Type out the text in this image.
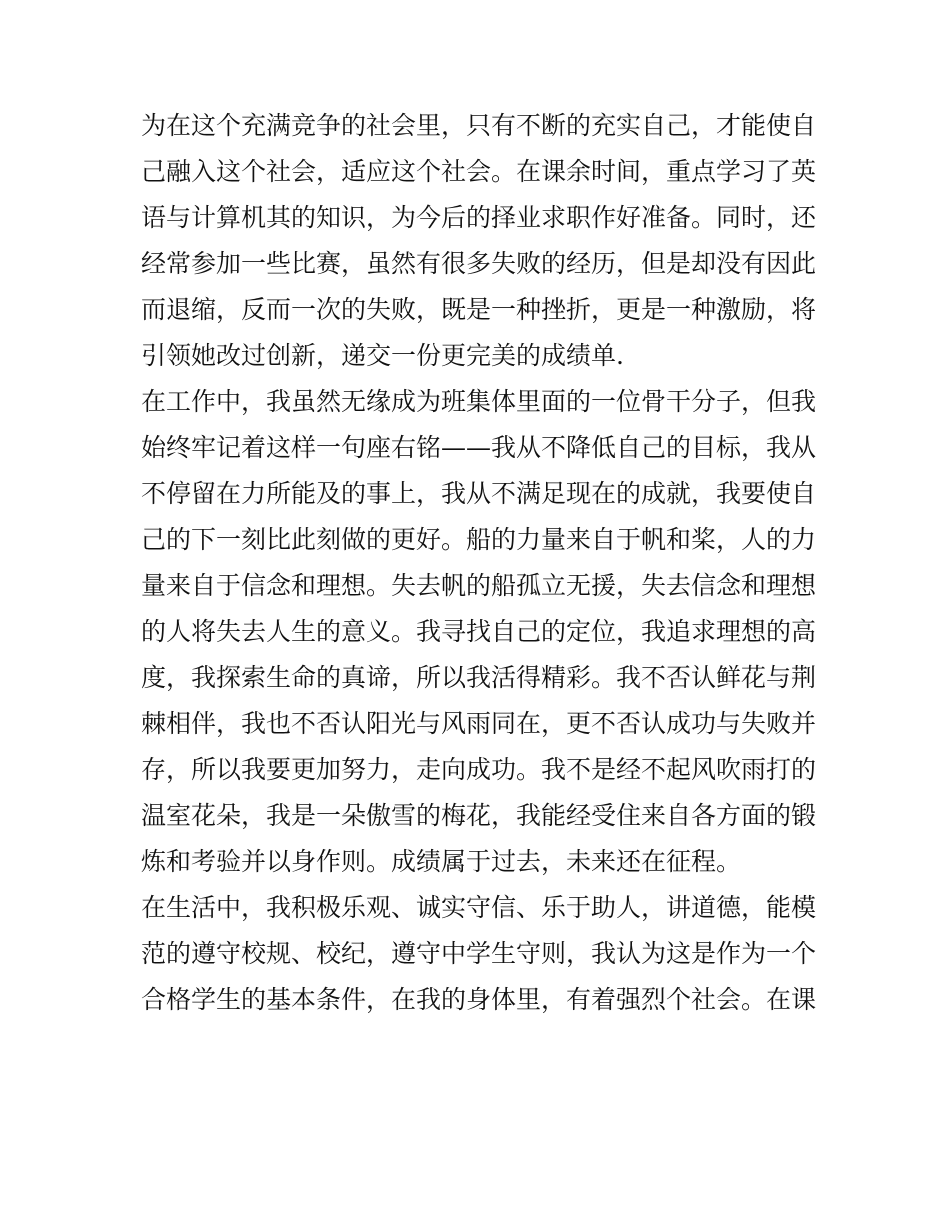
为在这个充满竞争的社会里，只有不断的充实自己，才能使自
己融入这个社会，适应这个社会。在课余时间，重点学习了英
语与计算机其的知识，为今后的择业求职作好准备。同时，还
经常参加一些比赛，虽然有很多失败的经历，但是却没有因此
而退缩，反而一次的失败，既是一种挫折，更是一种激励，将
引领她改过创新，递交一份更完美的成绩单.
在工作中，我虽然无缘成为班集体里面的一位骨干分子，但我
始终牢记着这样一句座右铭——我从不降低自己的目标，我从
不停留在力所能及的事上，我从不满足现在的成就，我要使自
己的下一刻比此刻做的更好。船的力量来自于帆和桨，人的力
量来自于信念和理想。失去帆的船孤立无援，失去信念和理想
的人将失去人生的意义。我寻找自己的定位，我追求理想的高
度，我探索生命的真谛，所以我活得精彩。我不否认鲜花与荆
棘相伴，我也不否认阳光与风雨同在，更不否认成功与失败并
存，所以我要更加努力，走向成功。我不是经不起风吹雨打的
温室花朵，我是一朵傲雪的梅花，我能经受住来自各方面的锻
炼和考验并以身作则。成绩属于过去，未来还在征程。
在生活中，我积极乐观、诚实守信、乐于助人，讲道德，能模
范的遵守校规、校纪，遵守中学生守则，我认为这是作为一个
合格学生的基本条件，在我的身体里，有着强烈个社会。在课
